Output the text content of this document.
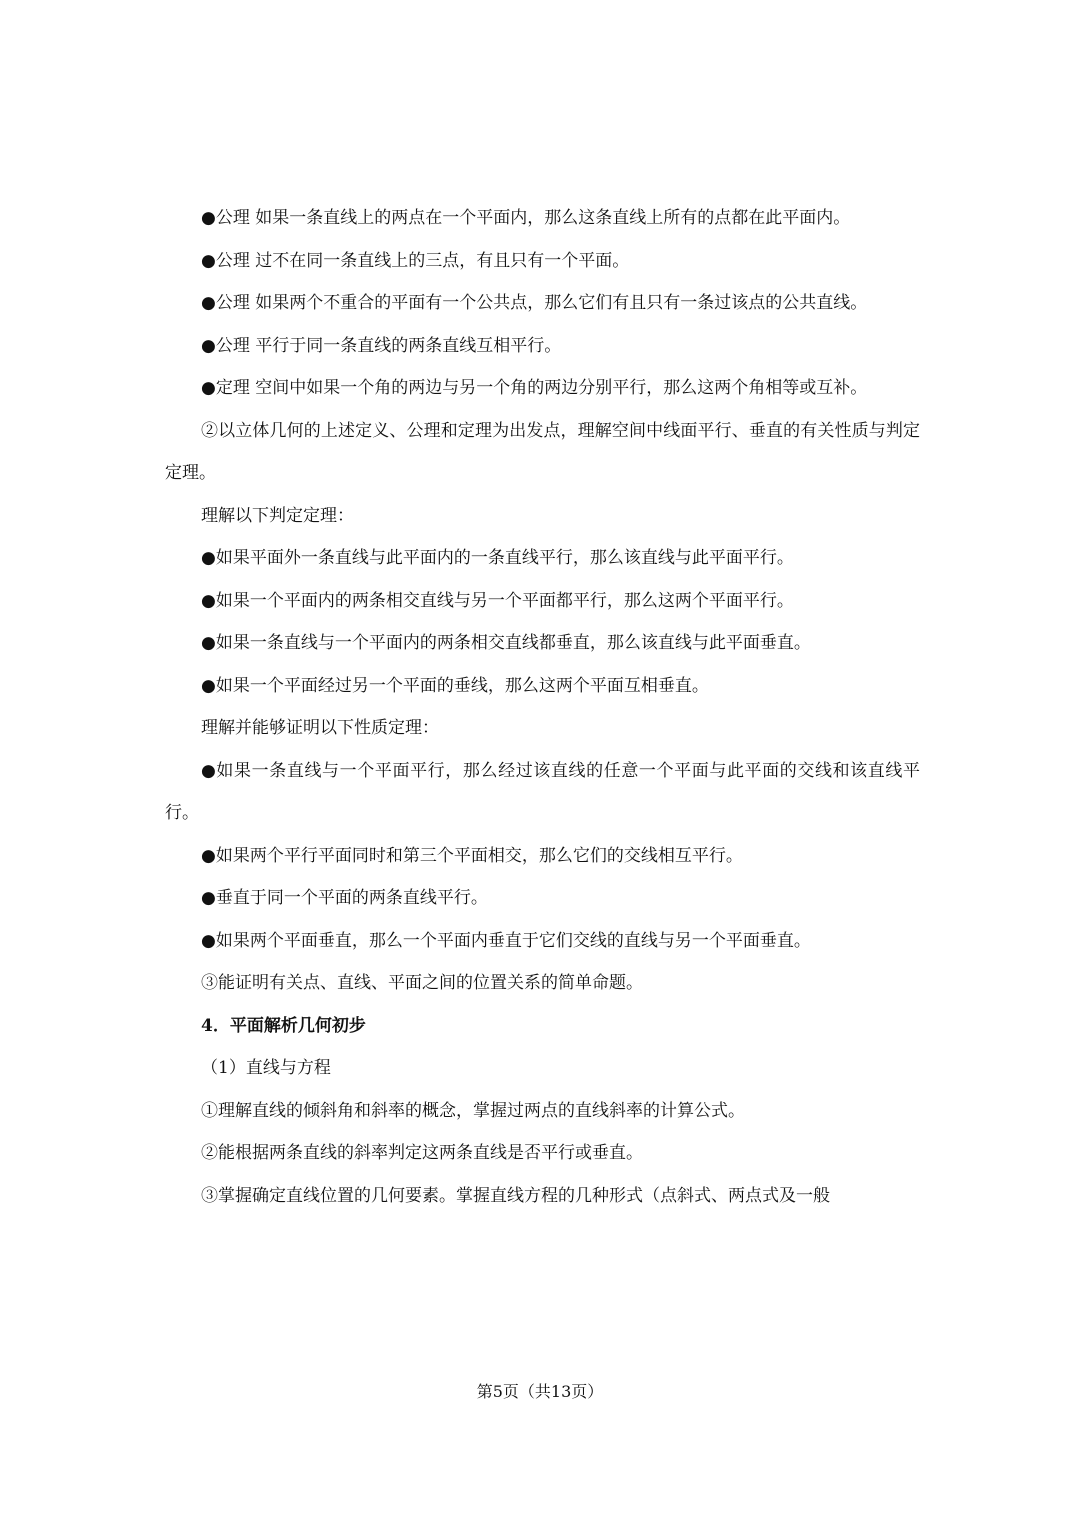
●公理 如果一条直线上的两点在一个平面内，那么这条直线上所有的点都在此平面内。

●公理 过不在同一条直线上的三点，有且只有一个平面。

●公理 如果两个不重合的平面有一个公共点，那么它们有且只有一条过该点的公共直线。

●公理 平行于同一条直线的两条直线互相平行。

●定理 空间中如果一个角的两边与另一个角的两边分别平行，那么这两个角相等或互补。

②以立体几何的上述定义、公理和定理为出发点，理解空间中线面平行、垂直的有关性质与判定定理。

理解以下判定定理：

●如果平面外一条直线与此平面内的一条直线平行，那么该直线与此平面平行。

●如果一个平面内的两条相交直线与另一个平面都平行，那么这两个平面平行。

●如果一条直线与一个平面内的两条相交直线都垂直，那么该直线与此平面垂直。

●如果一个平面经过另一个平面的垂线，那么这两个平面互相垂直。

理解并能够证明以下性质定理：

●如果一条直线与一个平面平行，那么经过该直线的任意一个平面与此平面的交线和该直线平行。

●如果两个平行平面同时和第三个平面相交，那么它们的交线相互平行。

●垂直于同一个平面的两条直线平行。

●如果两个平面垂直，那么一个平面内垂直于它们交线的直线与另一个平面垂直。

③能证明有关点、直线、平面之间的位置关系的简单命题。

4．平面解析几何初步

（1）直线与方程

①理解直线的倾斜角和斜率的概念，掌握过两点的直线斜率的计算公式。

②能根据两条直线的斜率判定这两条直线是否平行或垂直。

③掌握确定直线位置的几何要素。掌握直线方程的几种形式（点斜式、两点式及一般

第5页（共13页）
